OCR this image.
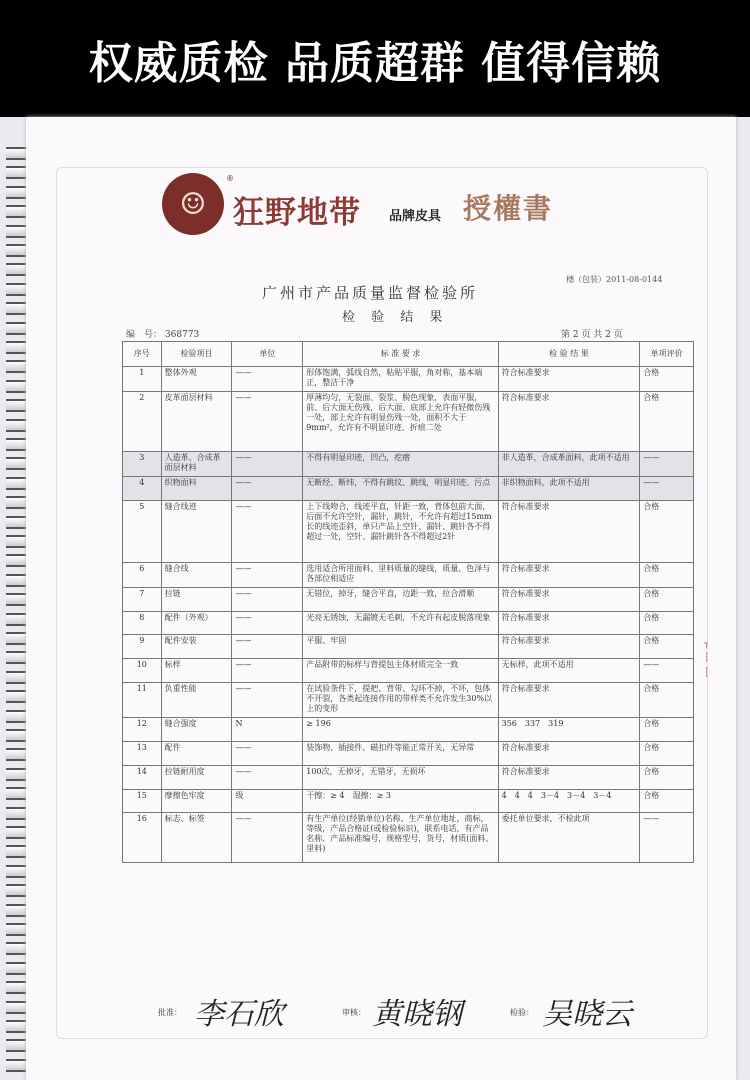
权威质检 品质超群 值得信赖
☺
®
狂野地带 品牌皮具 授權書
穗（包装）2011-08-0144
广州市产品质量监督检验所
检 验 结 果
编　号： 368773	第 2 页 共 2 页
序号	检验项目	单位	标 准 要 求	检 验 结 果	单项评价
1	整体外观	——	形体饱满，弧线自然，粘贴平服，角对称，基本端正，整洁干净	符合标准要求	合格
2	皮革面层材料	——	厚薄均匀，无裂面、裂浆、脱色现象，表面平服，前、后大面无伤残，后大面、底部上允许有轻微伤残一处，部上允许有明显伤残一处，面积不大于9mm²，允许有不明显印迹、折痕二处	符合标准要求	合格
3	人造革、合成革面层材料	——	不得有明显印迹，凹凸，疙瘩	非人造革，合成革面料，此项不适用	——
4	织物面料	——	无断经、断纬，不得有跳纹、跳线，明显印迹、污点	非织物面料，此项不适用	——
5	缝合线迹	——	上下线吻合，线迹平直，针距一致，背体包前大面，后面不允许空针，漏针，跳针，不允许有超过15mm长的线迹歪斜，单只产品上空针、漏针、跳针各不得超过一处，空针、漏针跳针各不得超过2针	符合标准要求	合格
6	缝合线	——	选用适合所用面料、里料质量的缝线，质量、色泽与各部位相适应	符合标准要求	合格
7	拉链	——	无错位，掉牙，缝合平直，边距一致，拉合滑顺	符合标准要求	合格
8	配件（外观）	——	光亮无锈蚀，无漏镀无毛刺，不允许有起皮脱落现象	符合标准要求	合格
9	配件安装	——	平服、牢固	符合标准要求	合格
10	标样	——	产品附带的标样与背提包主体材质完全一致	无标样，此项不适用	——
11	负重性能	——	在试验条件下，提把、背带、勾环不掉，不坏，包体不开裂，各类起连接作用的带样类不允许发生30%以上的变形	符合标准要求	合格
12	缝合强度	N	≥ 196	356　337　319	合格
13	配件	——	装饰物、插接件、磁扣件等能正常开关，无异常	符合标准要求	合格
14	拉链耐用度	——	100次，无掉牙，无错牙，无损坏	符合标准要求	合格
15	摩擦色牢度	级	干擦：≥ 4　湿擦：≥ 3	4　4　4　3－4　3－4　3－4	合格
16	标志、标签	——	有生产单位(经销单位)名称、生产单位地址，商标，等级，产品合格证(或检验标识)，联系电话，有产品名称、产品标准编号，规格型号，货号，材质(面料、里料)	委托单位要求，不检此项	——
┐
┆
┆
批准： 李石欣	审核： 黄晓钢	检验： 吴晓云
